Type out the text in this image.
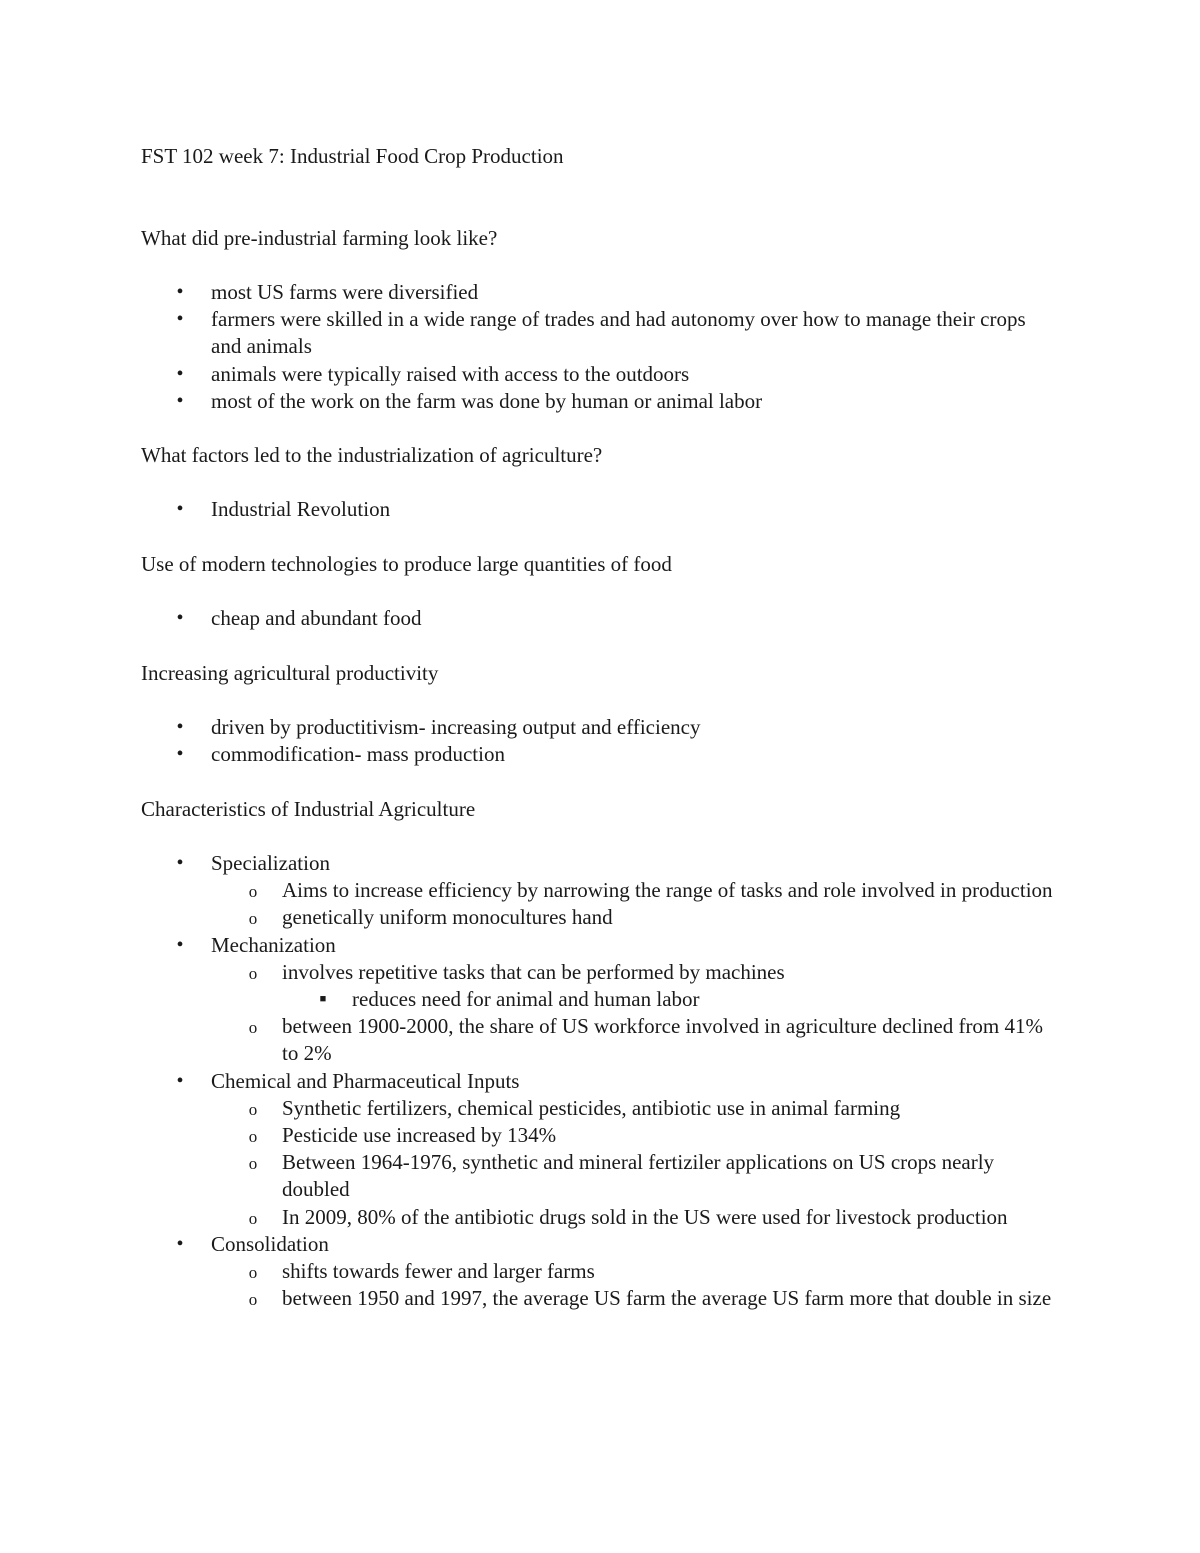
FST 102 week 7: Industrial Food Crop Production

What did pre-industrial farming look like?

•	most US farms were diversified
•	farmers were skilled in a wide range of trades and had autonomy over how to manage their crops and animals
•	animals were typically raised with access to the outdoors
•	most of the work on the farm was done by human or animal labor

What factors led to the industrialization of agriculture?

•	Industrial Revolution

Use of modern technologies to produce large quantities of food

•	cheap and abundant food

Increasing agricultural productivity

•	driven by productitivism- increasing output and efficiency
•	commodification- mass production

Characteristics of Industrial Agriculture

•	Specialization
o Aims to increase efficiency by narrowing the range of tasks and role involved in production
o genetically uniform monocultures hand
•	Mechanization
o involves repetitive tasks that can be performed by machines
■	reduces need for animal and human labor
o between 1900-2000, the share of US workforce involved in agriculture declined from 41% to 2%
•	Chemical and Pharmaceutical Inputs
o Synthetic fertilizers, chemical pesticides, antibiotic use in animal farming
o Pesticide use increased by 134%
o Between 1964-1976, synthetic and mineral fertiziler applications on US crops nearly doubled
o In 2009, 80% of the antibiotic drugs sold in the US were used for livestock production
•	Consolidation
o shifts towards fewer and larger farms
o between 1950 and 1997, the average US farm the average US farm more that double in size
